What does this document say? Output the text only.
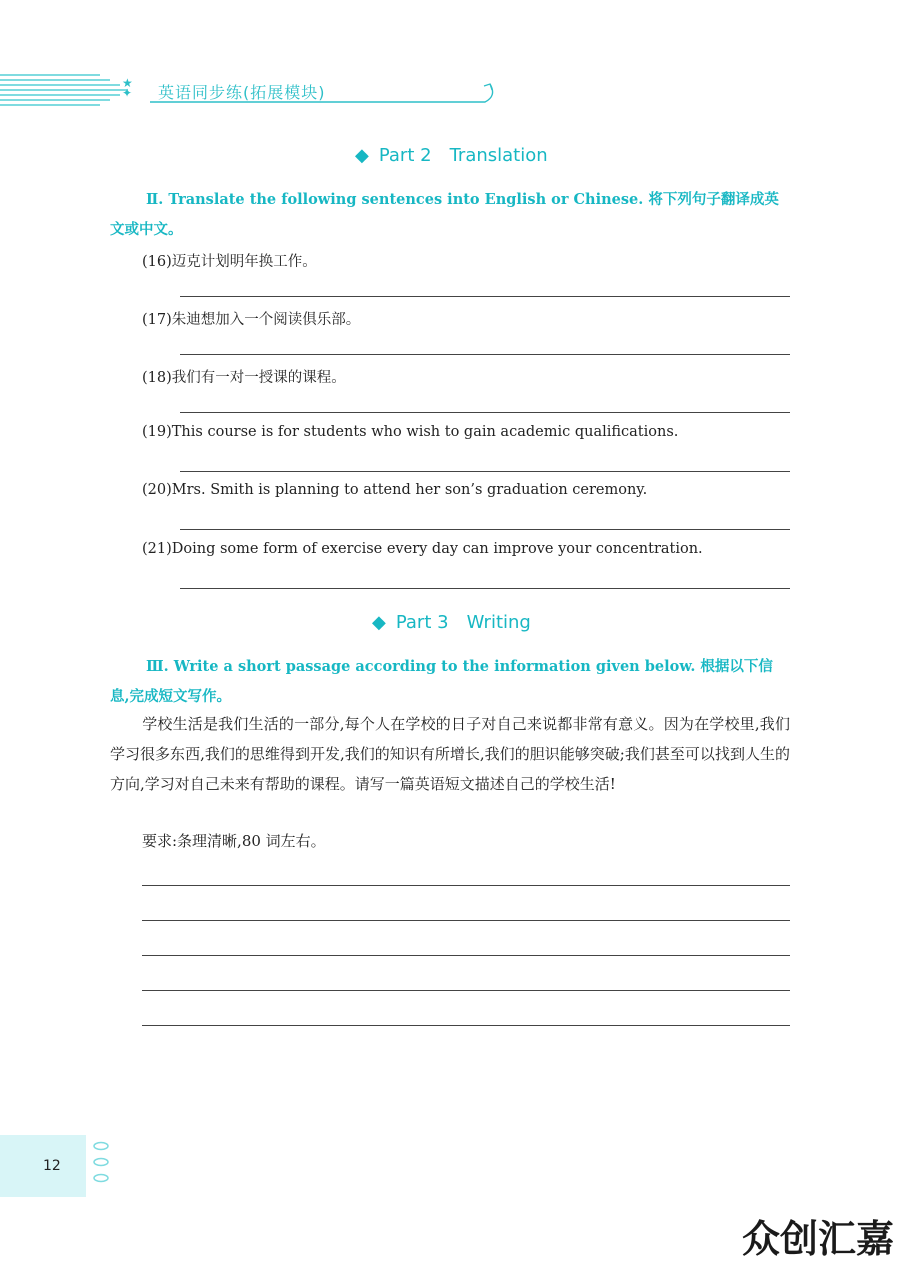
★
✦ 英语同步练(拓展模块)
◆ Part 2 Translation
Ⅱ. Translate the following sentences into English or Chinese. 将下列句子翻译成英文或中文。
(16)迈克计划明年换工作。
(17)朱迪想加入一个阅读俱乐部。
(18)我们有一对一授课的课程。
(19)This course is for students who wish to gain academic qualifications.
(20)Mrs. Smith is planning to attend her son’s graduation ceremony.
(21)Doing some form of exercise every day can improve your concentration.
◆ Part 3 Writing
Ⅲ. Write a short passage according to the information given below. 根据以下信息,完成短文写作。
学校生活是我们生活的一部分,每个人在学校的日子对自己来说都非常有意义。因为在学校里,我们学习很多东西,我们的思维得到开发,我们的知识有所增长,我们的胆识能够突破;我们甚至可以找到人生的方向,学习对自己未来有帮助的课程。请写一篇英语短文描述自己的学校生活!
要求:条理清晰,80 词左右。
12
众创汇嘉
